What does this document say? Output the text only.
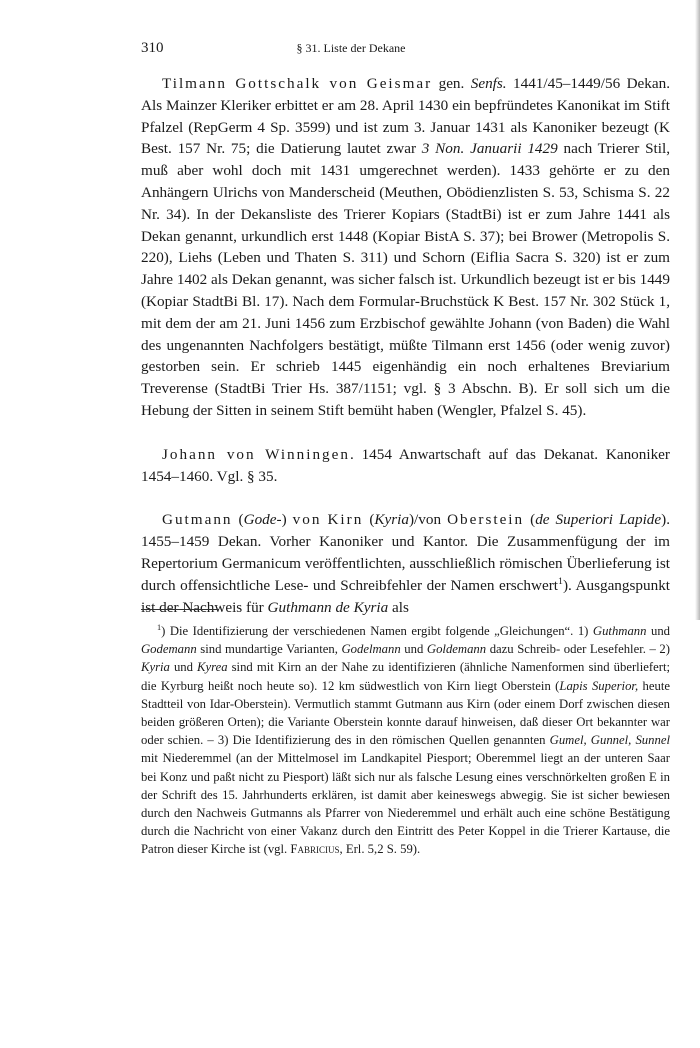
310	§ 31. Liste der Dekane

Tilmann Gottschalk von Geismar gen. Senfs. 1441/45–1449/56 Dekan. Als Mainzer Kleriker erbittet er am 28. April 1430 ein bepfründetes Kanonikat im Stift Pfalzel (RepGerm 4 Sp. 3599) und ist zum 3. Januar 1431 als Kanoniker bezeugt (K Best. 157 Nr. 75; die Datierung lautet zwar 3 Non. Januarii 1429 nach Trierer Stil, muß aber wohl doch mit 1431 umgerechnet werden). 1433 gehörte er zu den Anhängern Ulrichs von Manderscheid (Meuthen, Obödienzlisten S. 53, Schisma S. 22 Nr. 34). In der Dekansliste des Trierer Kopiars (StadtBi) ist er zum Jahre 1441 als Dekan genannt, urkundlich erst 1448 (Kopiar BistA S. 37); bei Brower (Metropolis S. 220), Liehs (Leben und Thaten S. 311) und Schorn (Eiflia Sacra S. 320) ist er zum Jahre 1402 als Dekan genannt, was sicher falsch ist. Urkundlich bezeugt ist er bis 1449 (Kopiar StadtBi Bl. 17). Nach dem Formular-Bruchstück K Best. 157 Nr. 302 Stück 1, mit dem der am 21. Juni 1456 zum Erzbischof gewählte Johann (von Baden) die Wahl des ungenannten Nachfolgers bestätigt, müßte Tilmann erst 1456 (oder wenig zuvor) gestorben sein. Er schrieb 1445 eigenhändig ein noch erhaltenes Breviarium Treverense (StadtBi Trier Hs. 387/1151; vgl. § 3 Abschn. B). Er soll sich um die Hebung der Sitten in seinem Stift bemüht haben (Wengler, Pfalzel S. 45).

Johann von Winningen. 1454 Anwartschaft auf das Dekanat. Kanoniker 1454–1460. Vgl. § 35.

Gutmann (Gode-) von Kirn (Kyria)/von Oberstein (de Superiori Lapide). 1455–1459 Dekan. Vorher Kanoniker und Kantor. Die Zusammenfügung der im Repertorium Germanicum veröffentlichten, ausschließlich römischen Überlieferung ist durch offensichtliche Lese- und Schreibfehler der Namen erschwert$^1$). Ausgangspunkt ist der Nachweis für Guthmann de Kyria als

$^1$) Die Identifizierung der verschiedenen Namen ergibt folgende „Gleichungen“. 1) Guthmann und Godemann sind mundartige Varianten, Godelmann und Goldemann dazu Schreib- oder Lesefehler. – 2) Kyria und Kyrea sind mit Kirn an der Nahe zu identifizieren (ähnliche Namenformen sind überliefert; die Kyrburg heißt noch heute so). 12 km südwestlich von Kirn liegt Oberstein (Lapis Superior, heute Stadtteil von Idar-Oberstein). Vermutlich stammt Gutmann aus Kirn (oder einem Dorf zwischen diesen beiden größeren Orten); die Variante Oberstein konnte darauf hinweisen, daß dieser Ort bekannter war oder schien. – 3) Die Identifizierung des in den römischen Quellen genannten Gumel, Gunnel, Sunnel mit Niederemmel (an der Mittelmosel im Landkapitel Piesport; Oberemmel liegt an der unteren Saar bei Konz und paßt nicht zu Piesport) läßt sich nur als falsche Lesung eines verschnörkelten großen E in der Schrift des 15. Jahrhunderts erklären, ist damit aber keineswegs abwegig. Sie ist sicher bewiesen durch den Nachweis Gutmanns als Pfarrer von Niederemmel und erhält auch eine schöne Bestätigung durch die Nachricht von einer Vakanz durch den Eintritt des Peter Koppel in die Trierer Kartause, die Patron dieser Kirche ist (vgl. Fabricius, Erl. 5,2 S. 59).
